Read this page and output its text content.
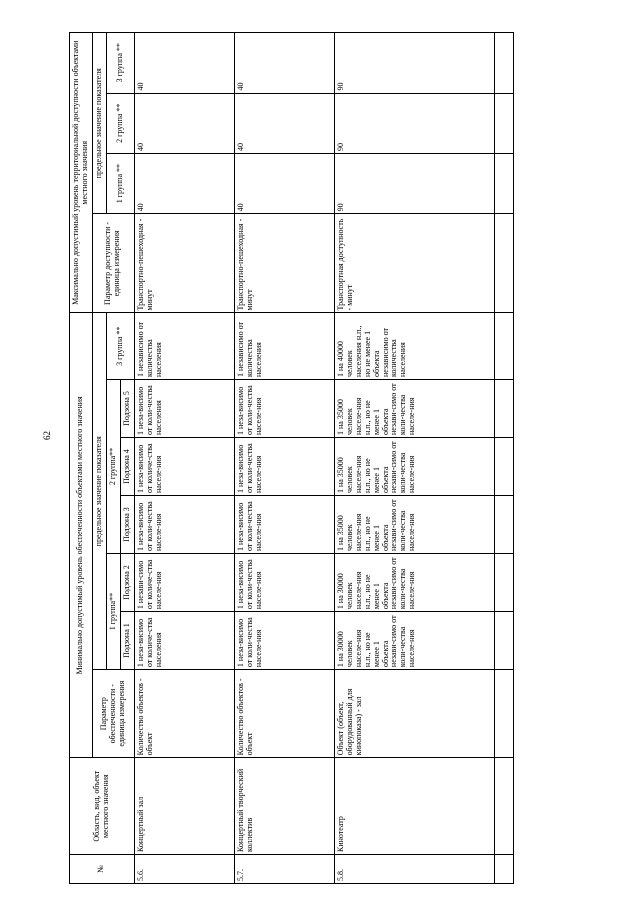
62
№	Область, вид, объект местного значения	Минимально допустимый уровень обеспеченности объектами местного значения							Максимально допустимый уровень территориальной доступности объектами местного значения			
		Параметр обеспеченности - единица измерения	предельное значение показателя						Параметр доступности - единица измерения	предельное значение показателя		
			1 группа**		2 группа**			3 группа **		1 группа **	2 группа **	3 группа **
			Подзона 1	Подзона 2	Подзона 3	Подзона 4	Подзона 5					
5.6.	Концертный зал	Количество объектов - объект	1 неза-висимо от количе-ства населения	1 незави-симо от количе-ства населе-ния	1 неза-висимо от коли-чества населе-ния	1 неза-висимо от количе-ства населе-ния	1 неза-висимо от коли-чества населения	1 независимо от количества населения	Транспортно-пешеходная - минут	40	40	40
5.7.	Концертный творческий коллектив	Количество объектов - объект	1 неза-висимо от коли-чества населе-ния	1 неза-висимо от коли-чества населе-ния	1 неза-висимо от коли-чества населе-ния	1 неза-висимо от коли-чества населе-ния	1 неза-висимо от коли-чества населе-ния	1 независимо от количества населения	Транспортно-пешеходная - минут	40	40	40
5.8.	Кинотеатр	Объект (объект, оборудованный для кинопоказа) - зал	1 на 30000 человек населе-ния н.п., но не менее 1 объекта незави-симо от коли-чества населе-ния	1 на 30000 человек населе-ния н.п., но не менее 1 объекта незави-симо от коли-чества населе-ния	1 на 35000 человек населе-ния н.п., но не менее 1 объекта незави-симо от коли-чества населе-ния	1 на 35000 человек населе-ния н.п., но не менее 1 объекта незави-симо от коли-чества населе-ния	1 на 35000 человек населе-ния н.п., но не менее 1 объекта незави-симо от коли-чества населе-ния	1 на 40000 человек населения н.п., но не менее 1 объекта независимо от количества населения	Транспортная доступность - минут	90	90	90
